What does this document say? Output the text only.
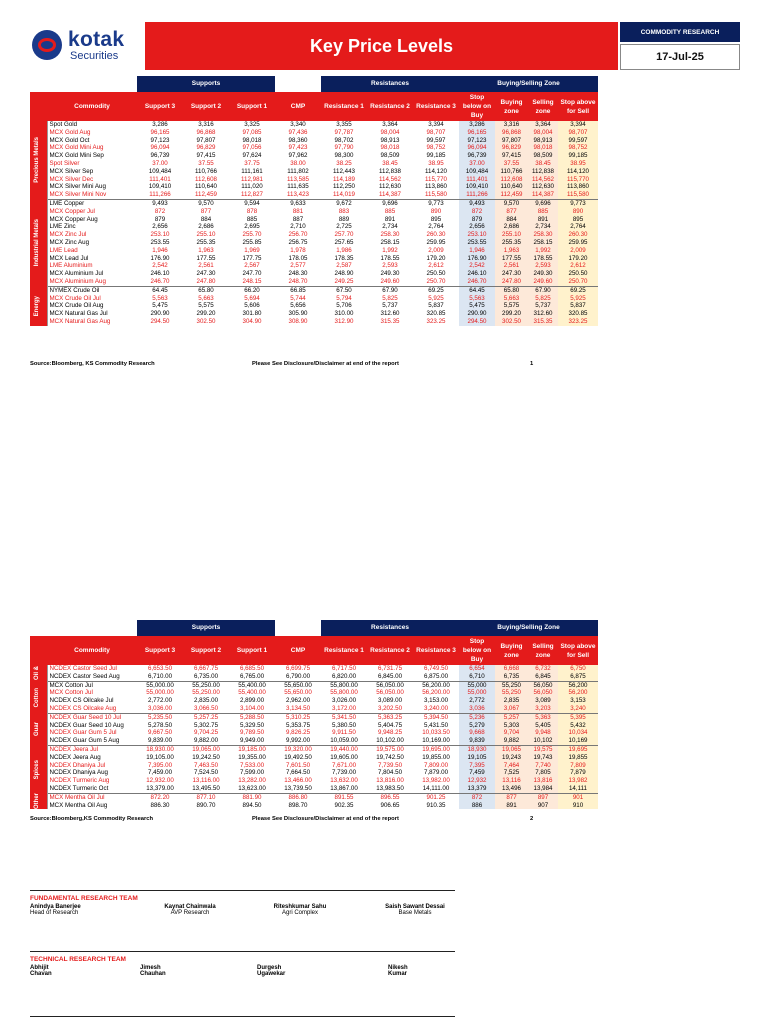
kotak
Securities
Key Price Levels
COMMODITY RESEARCH
17-Jul-25
		Supports				Resistances			Buying/Selling Zone			
	Commodity	Support 3	Support 2	Support 1	CMP	Resistance 1	Resistance 2	Resistance 3	Stop below on Buy	Buying zone	Selling zone	Stop above for Sell

Precious Metals	Spot Gold	3,286	3,316	3,325	3,340	3,355	3,364	3,394	3,286	3,316	3,364	3,394
	MCX Gold Aug	96,165	96,868	97,085	97,436	97,787	98,004	98,707	96,165	96,868	98,004	98,707
	MCX Gold Oct	97,123	97,807	98,018	98,360	98,702	98,913	99,597	97,123	97,807	98,913	99,597
	MCX Gold Mini Aug	96,094	96,829	97,056	97,423	97,790	98,018	98,752	96,094	96,829	98,018	98,752
	MCX Gold Mini Sep	96,739	97,415	97,624	97,962	98,300	98,509	99,185	96,739	97,415	98,509	99,185
	Spot Silver	37.00	37.55	37.75	38.00	38.25	38.45	38.95	37.00	37.55	38.45	38.95
	MCX Silver Sep	109,484	110,766	111,161	111,802	112,443	112,838	114,120	109,484	110,766	112,838	114,120
	MCX Silver Dec	111,401	112,608	112,981	113,585	114,189	114,562	115,770	111,401	112,608	114,562	115,770
	MCX Silver Mini Aug	109,410	110,640	111,020	111,635	112,250	112,630	113,860	109,410	110,640	112,630	113,860
	MCX Silver Mini Nov	111,266	112,459	112,827	113,423	114,019	114,387	115,580	111,266	112,459	114,387	115,580

Industrial Metals	LME Copper	9,493	9,570	9,594	9,633	9,672	9,696	9,773	9,493	9,570	9,696	9,773
	MCX Copper Jul	872	877	878	881	883	885	890	872	877	885	890
	MCX Copper Aug	879	884	885	887	889	891	895	879	884	891	895
	LME Zinc	2,656	2,686	2,695	2,710	2,725	2,734	2,764	2,656	2,686	2,734	2,764
	MCX Zinc Jul	253.10	255.10	255.70	256.70	257.70	258.30	260.30	253.10	255.10	258.30	260.30
	MCX Zinc Aug	253.55	255.35	255.85	256.75	257.65	258.15	259.95	253.55	255.35	258.15	259.95
	LME Lead	1,946	1,963	1,969	1,978	1,986	1,992	2,009	1,946	1,963	1,992	2,009
	MCX Lead Jul	176.90	177.55	177.75	178.05	178.35	178.55	179.20	176.90	177.55	178.55	179.20
	LME Aluminium	2,542	2,561	2,567	2,577	2,587	2,593	2,612	2,542	2,561	2,593	2,612
	MCX Aluminium Jul	246.10	247.30	247.70	248.30	248.90	249.30	250.50	246.10	247.30	249.30	250.50
	MCX Aluminium Aug	246.70	247.80	248.15	248.70	249.25	249.60	250.70	246.70	247.80	249.60	250.70

Energy	NYMEX Crude Oil	64.45	65.80	66.20	66.85	67.50	67.90	69.25	64.45	65.80	67.90	69.25
	MCX Crude Oil Jul	5,563	5,663	5,694	5,744	5,794	5,825	5,925	5,563	5,663	5,825	5,925
	MCX Crude Oil Aug	5,475	5,575	5,606	5,656	5,706	5,737	5,837	5,475	5,575	5,737	5,837
	MCX Natural Gas Jul	290.90	299.20	301.80	305.90	310.00	312.60	320.85	290.90	299.20	312.60	320.85
	MCX Natural Gas Aug	294.50	302.50	304.90	308.90	312.90	315.35	323.25	294.50	302.50	315.35	323.25
Source:Bloomberg, KS Commodity Research	Please See Disclosure/Disclaimer at end of the report	1
		Supports				Resistances			Buying/Selling Zone			
	Commodity	Support 3	Support 2	Support 1	CMP	Resistance 1	Resistance 2	Resistance 3	Stop below on Buy	Buying zone	Selling zone	Stop above for Sell

Oil &	NCDEX Castor Seed Jul	6,653.50	6,667.75	6,685.50	6,699.75	6,717.50	6,731.75	6,749.50	6,654	6,668	6,732	6,750
	NCDEX Castor Seed Aug	6,710.00	6,735.00	6,765.00	6,790.00	6,820.00	6,845.00	6,875.00	6,710	6,735	6,845	6,875

Cotton	MCX Cotton Jul	55,000.00	55,250.00	55,400.00	55,650.00	55,800.00	56,050.00	56,200.00	55,000	55,250	56,050	56,200
	MCX Cotton Jul	55,000.00	55,250.00	55,400.00	55,650.00	55,800.00	56,050.00	56,200.00	55,000	55,250	56,050	56,200
	NCDEX CS Oilcake Jul	2,772.00	2,835.00	2,899.00	2,962.00	3,026.00	3,089.00	3,153.00	2,772	2,835	3,089	3,153
	NCDEX CS Oilcake Aug	3,036.00	3,066.50	3,104.00	3,134.50	3,172.00	3,202.50	3,240.00	3,036	3,067	3,203	3,240

Guar	NCDEX Guar Seed 10 Jul	5,235.50	5,257.25	5,288.50	5,310.25	5,341.50	5,363.25	5,394.50	5,236	5,257	5,363	5,395
	NCDEX Guar Seed 10 Aug	5,278.50	5,302.75	5,329.50	5,353.75	5,380.50	5,404.75	5,431.50	5,279	5,303	5,405	5,432
	NCDEX Guar Gum 5 Jul	9,667.50	9,704.25	9,789.50	9,826.25	9,911.50	9,948.25	10,033.50	9,668	9,704	9,948	10,034
	NCDEX Guar Gum 5 Aug	9,839.00	9,882.00	9,949.00	9,992.00	10,059.00	10,102.00	10,169.00	9,839	9,882	10,102	10,169

Spices	NCDEX Jeera Jul	18,930.00	19,065.00	19,185.00	19,320.00	19,440.00	19,575.00	19,695.00	18,930	19,065	19,575	19,695
	NCDEX Jeera Aug	19,105.00	19,242.50	19,355.00	19,492.50	19,605.00	19,742.50	19,855.00	19,105	19,243	19,743	19,855
	NCDEX Dhaniya Jul	7,395.00	7,463.50	7,533.00	7,601.50	7,671.00	7,739.50	7,809.00	7,395	7,464	7,740	7,809
	NCDEX Dhaniya Aug	7,459.00	7,524.50	7,599.00	7,664.50	7,739.00	7,804.50	7,879.00	7,459	7,525	7,805	7,879
	NCDEX Turmeric Aug	12,932.00	13,116.00	13,282.00	13,466.00	13,632.00	13,816.00	13,982.00	12,932	13,116	13,816	13,982
	NCDEX Turmeric Oct	13,379.00	13,495.50	13,623.00	13,739.50	13,867.00	13,983.50	14,111.00	13,379	13,496	13,984	14,111

Other	MCX Mentha Oil Jul	872.20	877.10	881.90	886.80	891.55	896.55	901.25	872	877	897	901
	MCX Mentha Oil Aug	886.30	890.70	894.50	898.70	902.35	906.65	910.35	886	891	907	910
Source:Bloomberg,KS Commodity Research	Please See Disclosure/Disclaimer at end of the report	2
FUNDAMENTAL RESEARCH TEAM
Anindya Banerjee
Head of Research
Kaynat Chainwala
AVP Research
Riteshkumar Sahu
Agri Complex
Saish Sawant Dessai
Base Metals
TECHNICAL RESEARCH TEAM
Abhijit Chavan
Jimesh Chauhan
Durgesh Ugawekar
Nikesh Kumar
